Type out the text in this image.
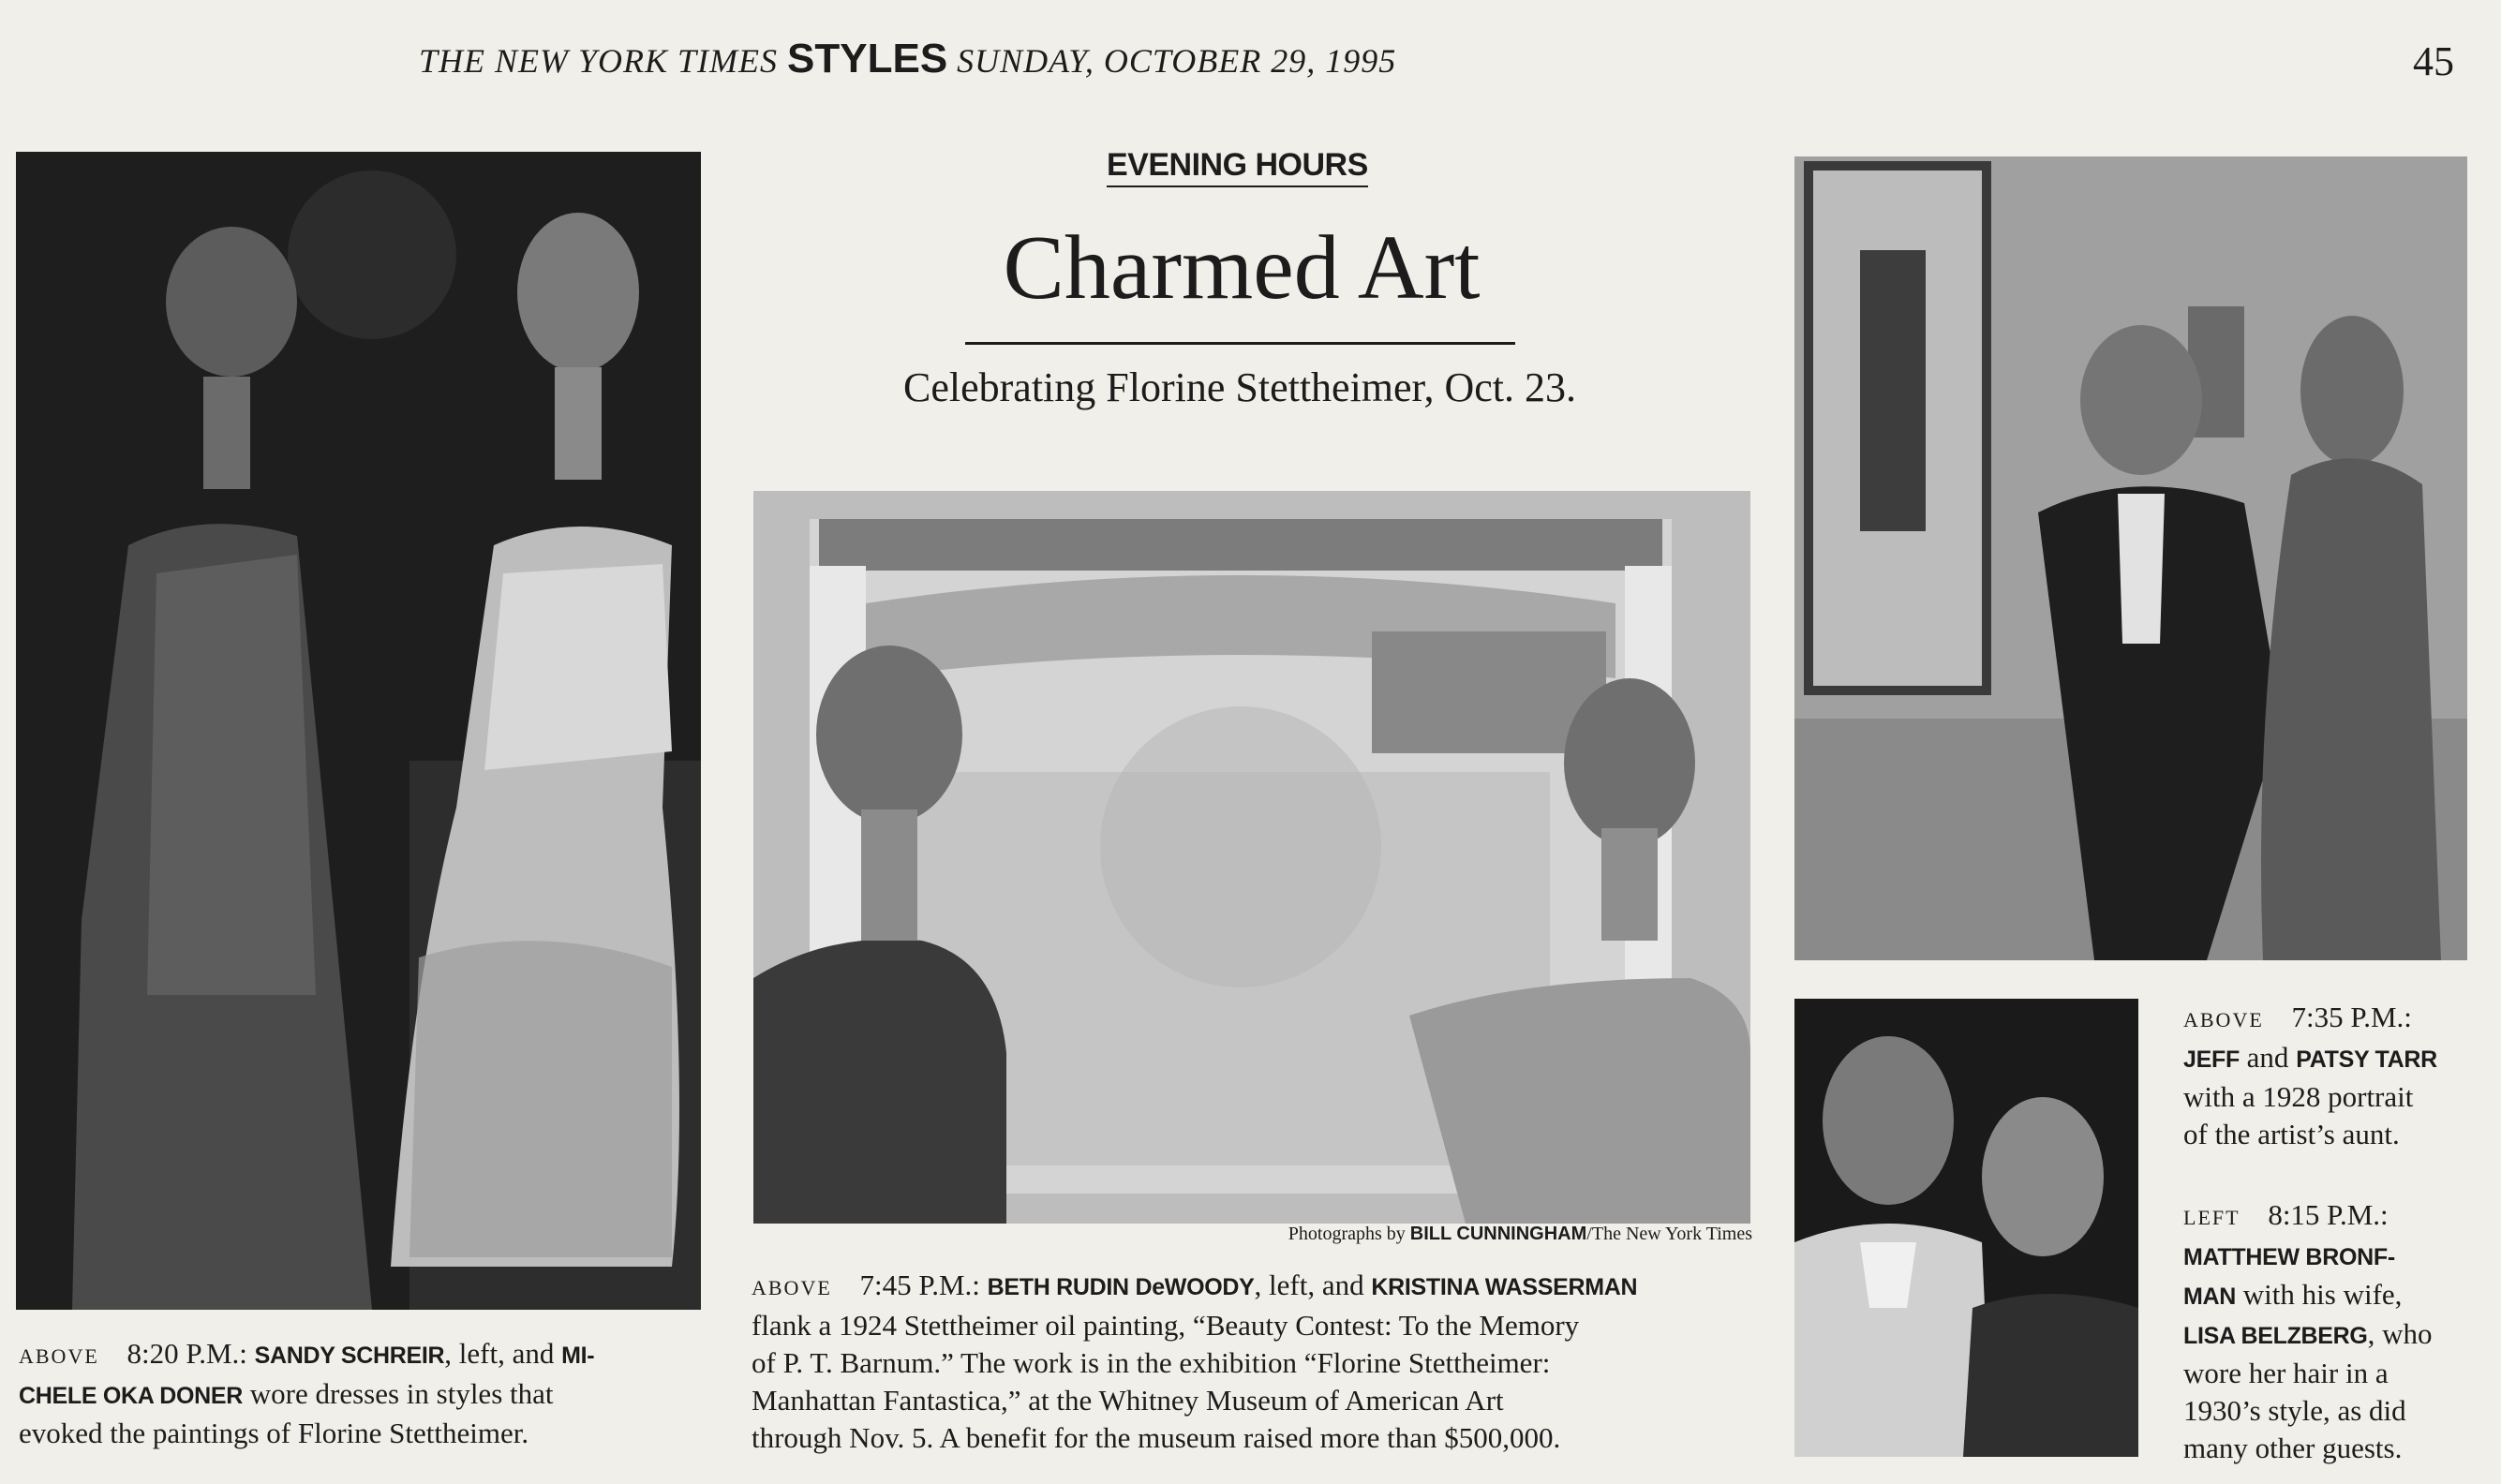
THE NEW YORK TIMES STYLES SUNDAY, OCTOBER 29, 1995	45
EVENING HOURS
Charmed Art
Celebrating Florine Stettheimer, Oct. 23.
Photographs by BILL CUNNINGHAM/The New York Times
ABOVE 8:20 P.M.: SANDY SCHREIR, left, and MI-
CHELE OKA DONER wore dresses in styles that
evoked the paintings of Florine Stettheimer.
ABOVE 7:45 P.M.: BETH RUDIN DeWOODY, left, and KRISTINA WASSERMAN
flank a 1924 Stettheimer oil painting, “Beauty Contest: To the Memory
of P. T. Barnum.” The work is in the exhibition “Florine Stettheimer:
Manhattan Fantastica,” at the Whitney Museum of American Art
through Nov. 5. A benefit for the museum raised more than $500,000.
ABOVE 7:35 P.M.:
JEFF and PATSY TARR
with a 1928 portrait
of the artist’s aunt.
LEFT 8:15 P.M.:
MATTHEW BRONF-
MAN with his wife,
LISA BELZBERG, who
wore her hair in a
1930’s style, as did
many other guests.
